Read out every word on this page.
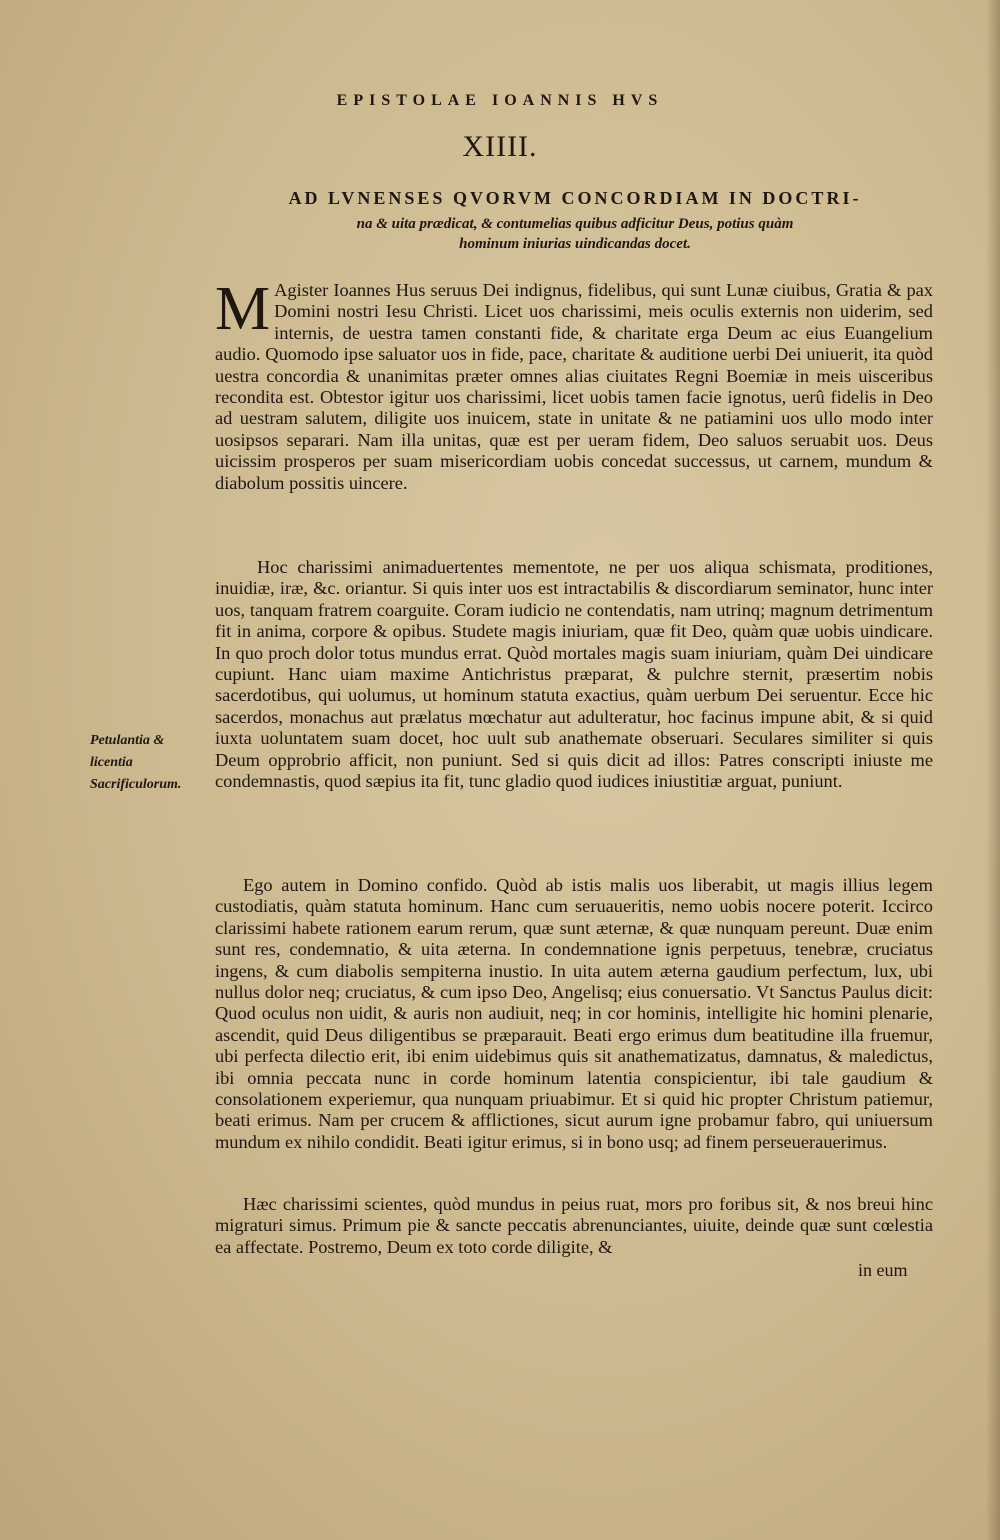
EPISTOLAE IOANNIS HVS
XIIII.
AD LVNENSES QVORVM CONCORDIAM IN DOCTRI-
na & uita prædicat, & contumelias quibus adficitur Deus, potius quàm
hominum iniurias uindicandas docet.
Petulantia & licentia Sacrificulorum.
M Agister Ioannes Hus seruus Dei indignus, fidelibus, qui sunt Lunæ ciuibus, Gratia & pax Domini nostri Iesu Christi. Licet uos charissimi, meis oculis externis non uiderim, sed internis, de uestra tamen constanti fide, & charitate erga Deum ac eius Euangelium audio. Quomodo ipse saluator uos in fide, pace, charitate & auditione uerbi Dei uniuerit, ita quòd uestra concordia & unanimitas præter omnes alias ciuitates Regni Boemiæ in meis uisceribus recondita est. Obtestor igitur uos charissimi, licet uobis tamen facie ignotus, uerû fidelis in Deo ad uestram salutem, diligite uos inuicem, state in unitate & ne patiamini uos ullo modo inter uosipsos separari. Nam illa unitas, quæ est per ueram fidem, Deo saluos seruabit uos. Deus uicissim prosperos per suam misericordiam uobis concedat successus, ut carnem, mundum & diabolum possitis uincere.

Hoc charissimi animaduertentes mementote, ne per uos aliqua schismata, proditiones, inuidiæ, iræ, &c. oriantur. Si quis inter uos est intractabilis & discordiarum seminator, hunc inter uos, tanquam fratrem coarguite. Coram iudicio ne contendatis, nam utrinq; magnum detrimentum fit in anima, corpore & opibus. Studete magis iniuriam, quæ fit Deo, quàm quæ uobis uindicare. In quo proch dolor totus mundus errat. Quòd mortales magis suam iniuriam, quàm Dei uindicare cupiunt. Hanc uiam maxime Antichristus præparat, & pulchre sternit, præsertim nobis sacerdotibus, qui uolumus, ut hominum statuta exactius, quàm uerbum Dei seruentur. Ecce hic sacerdos, monachus aut prælatus mœchatur aut adulteratur, hoc facinus impune abit, & si quid iuxta uoluntatem suam docet, hoc uult sub anathemate obseruari. Seculares similiter si quis Deum opprobrio afficit, non puniunt. Sed si quis dicit ad illos: Patres conscripti iniuste me condemnastis, quod sæpius ita fit, tunc gladio quod iudices iniustitiæ arguat, puniunt.

Ego autem in Domino confido. Quòd ab istis malis uos liberabit, ut magis illius legem custodiatis, quàm statuta hominum. Hanc cum seruaueritis, nemo uobis nocere poterit. Iccirco clarissimi habete rationem earum rerum, quæ sunt æternæ, & quæ nunquam pereunt. Duæ enim sunt res, condemnatio, & uita æterna. In condemnatione ignis perpetuus, tenebræ, cruciatus ingens, & cum diabolis sempiterna inustio. In uita autem æterna gaudium perfectum, lux, ubi nullus dolor neq; cruciatus, & cum ipso Deo, Angelisq; eius conuersatio. Vt Sanctus Paulus dicit: Quod oculus non uidit, & auris non audiuit, neq; in cor hominis, intelligite hic homini plenarie, ascendit, quid Deus diligentibus se præparauit. Beati ergo erimus dum beatitudine illa fruemur, ubi perfecta dilectio erit, ibi enim uidebimus quis sit anathematizatus, damnatus, & maledictus, ibi omnia peccata nunc in corde hominum latentia conspicientur, ibi tale gaudium & consolationem experiemur, qua nunquam priuabimur. Et si quid hic propter Christum patiemur, beati erimus. Nam per crucem & afflictiones, sicut aurum igne probamur fabro, qui uniuersum mundum ex nihilo condidit. Beati igitur erimus, si in bono usq; ad finem perseuerauerimus.

Hæc charissimi scientes, quòd mundus in peius ruat, mors pro foribus sit, & nos breui hinc migraturi simus. Primum pie & sancte peccatis abrenunciantes, uiuite, deinde quæ sunt cœlestia ea affectate. Postremo, Deum ex toto corde diligite, &

in eum
